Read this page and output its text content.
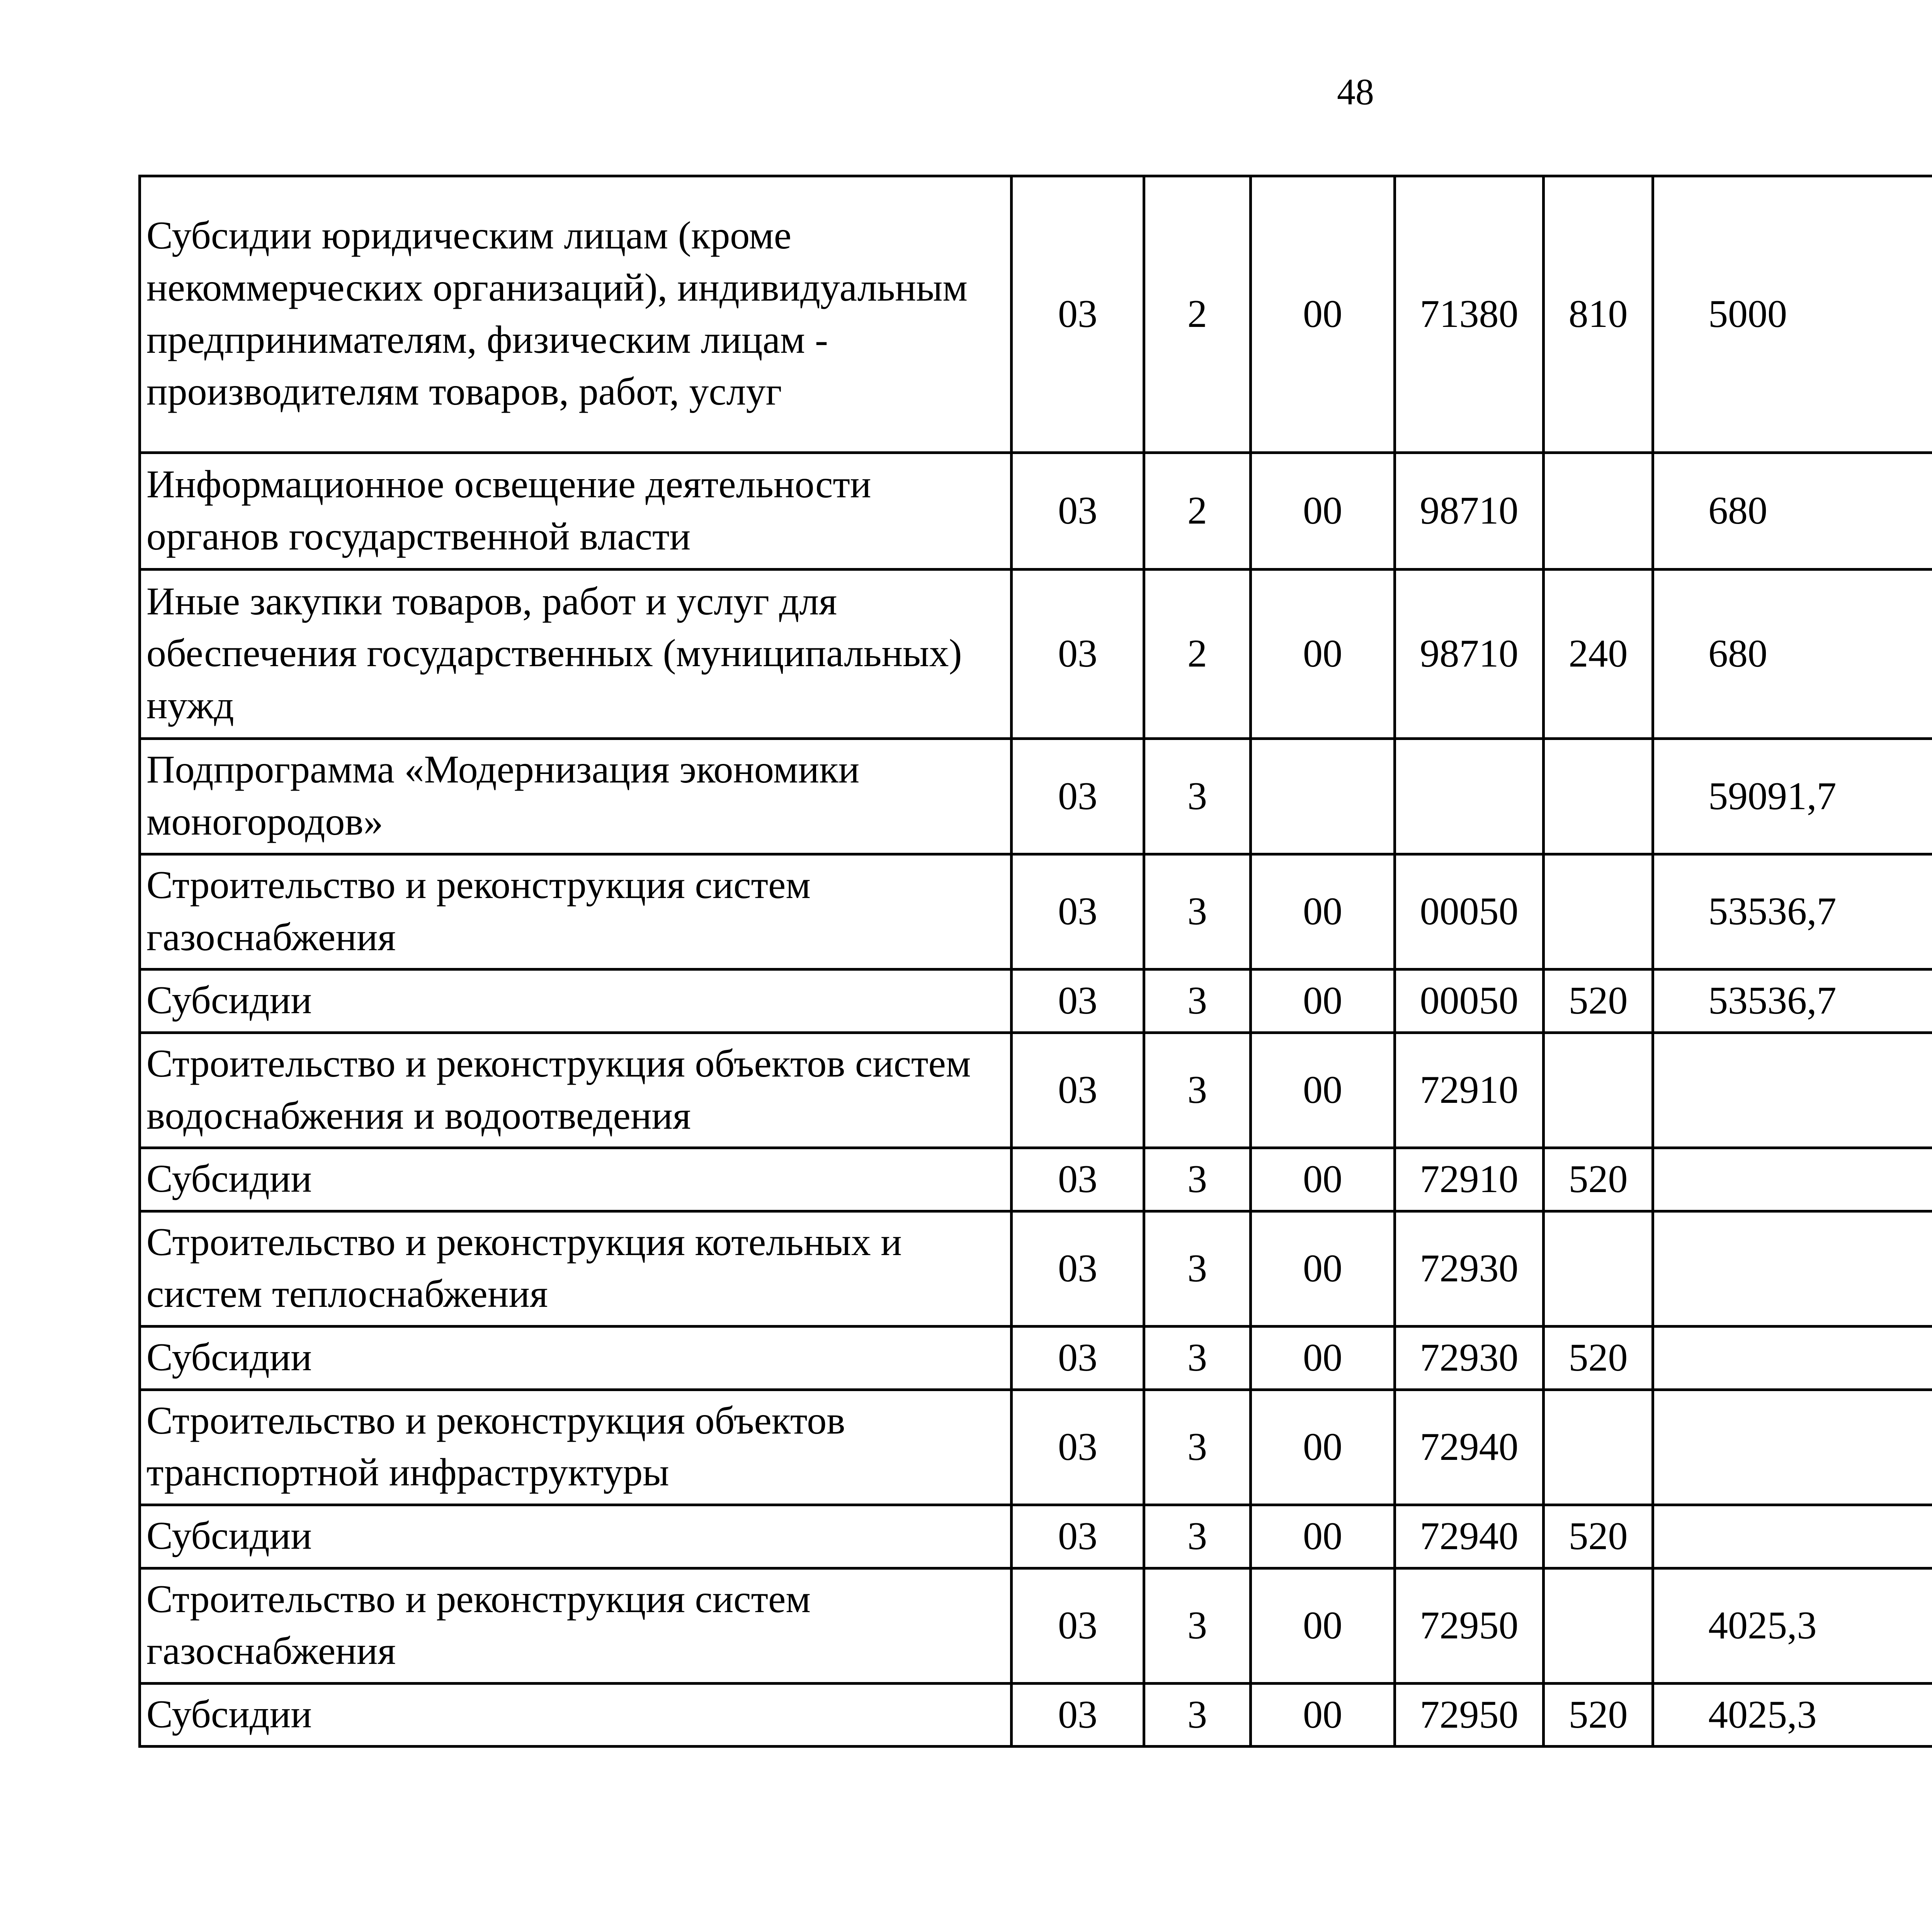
48
Субсидии юридическим лицам (кроме некоммерческих организаций), индивидуальным предпринимателям, физическим лицам - производителям товаров, работ, услуг	03	2	00	71380	810	5000		
Информационное освещение деятельности органов государственной власти	03	2	00	98710		680		
Иные закупки товаров, работ и услуг для обеспечения государственных (муниципальных) нужд	03	2	00	98710	240	680		
Подпрограмма «Модернизация экономики моногородов»	03	3				59091,7		
Строительство и реконструкция систем газоснабжения	03	3	00	00050		53536,7		
Субсидии	03	3	00	00050	520	53536,7		
Строительство и реконструкция объектов систем водоснабжения и водоотведения	03	3	00	72910				
Субсидии	03	3	00	72910	520			
Строительство и реконструкция котельных и систем теплоснабжения	03	3	00	72930				
Субсидии	03	3	00	72930	520			
Строительство и реконструкция объектов транспортной инфраструктуры	03	3	00	72940				
Субсидии	03	3	00	72940	520			
Строительство и реконструкция систем газоснабжения	03	3	00	72950		4025,3		
Субсидии	03	3	00	72950	520	4025,3		
